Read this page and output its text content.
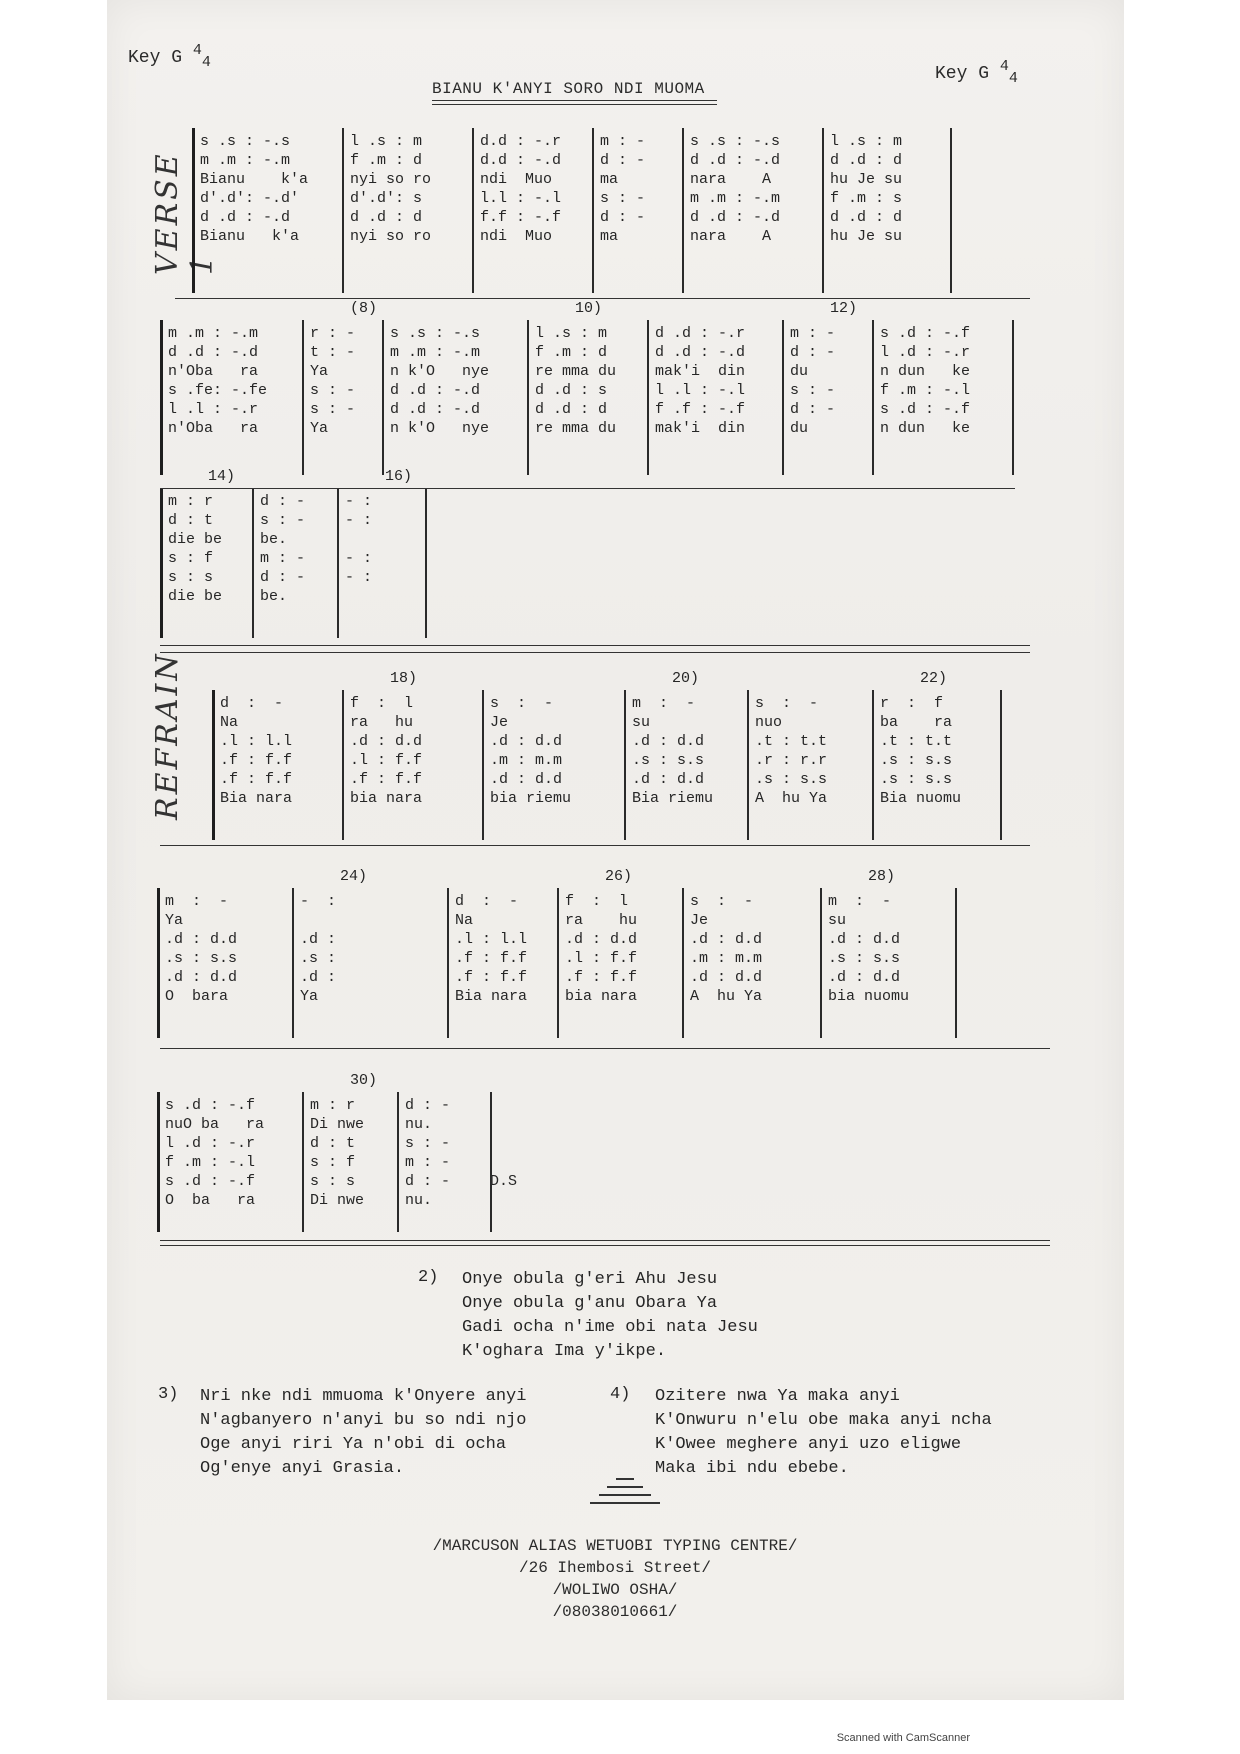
Key G $^4_4$
Key G $^4_4$
BIANU K'ANYI SORO NDI MUOMA
VERSE 1
REFRAIN
s .s : -.s
m .m : -.m
Bianu    k'a
d'.d': -.d'
d .d : -.d
Bianu   k'a
l .s : m
f .m : d
nyi so ro
d'.d': s
d .d : d
nyi so ro
d.d : -.r
d.d : -.d
ndi  Muo
l.l : -.l
f.f : -.f
ndi  Muo
m : -
d : -
ma
s : -
d : -
ma
s .s : -.s
d .d : -.d
nara    A
m .m : -.m
d .d : -.d
nara    A
l .s : m
d .d : d
hu Je su
f .m : s
d .d : d
hu Je su
m .m : -.m
d .d : -.d
n'Oba   ra
s .fe: -.fe
l .l : -.r
n'Oba   ra
(8)
r : -
t : -
Ya
s : -
s : -
Ya
s .s : -.s
m .m : -.m
n k'O   nye
d .d : -.d
d .d : -.d
n k'O   nye
10)
l .s : m
f .m : d
re mma du
d .d : s
d .d : d
re mma du
d .d : -.r
d .d : -.d
mak'i  din
l .l : -.l
f .f : -.f
mak'i  din
12)
m : -
d : -
du
s : -
d : -
du
s .d : -.f
l .d : -.r
n dun   ke
f .m : -.l
s .d : -.f
n dun   ke
14)
m : r
d : t
die be
s : f
s : s
die be
d : -
s : -
be.
m : -
d : -
be.
16)
- :
- :

- :
- :

d  :  -
Na
.l : l.l
.f : f.f
.f : f.f
Bia nara
18)
f  :  l
ra   hu
.d : d.d
.l : f.f
.f : f.f
bia nara
s  :  -
Je
.d : d.d
.m : m.m
.d : d.d
bia riemu
20)
m  :  -
su
.d : d.d
.s : s.s
.d : d.d
Bia riemu
s  :  -
nuo
.t : t.t
.r : r.r
.s : s.s
A  hu Ya
22)
r  :  f
ba    ra
.t : t.t
.s : s.s
.s : s.s
Bia nuomu
m  :  -
Ya
.d : d.d
.s : s.s
.d : d.d
O  bara
24)
-  :

.d :
.s :
.d :
Ya
d  :  -
Na
.l : l.l
.f : f.f
.f : f.f
Bia nara
26)
f  :  l
ra    hu
.d : d.d
.l : f.f
.f : f.f
bia nara
s  :  -
Je
.d : d.d
.m : m.m
.d : d.d
A  hu Ya
28)
m  :  -
su
.d : d.d
.s : s.s
.d : d.d
bia nuomu
s .d : -.f
nuO ba   ra
l .d : -.r
f .m : -.l
s .d : -.f
O  ba   ra
30)
m : r
Di nwe
d : t
s : f
s : s
Di nwe
d : -
nu.
s : -
m : -
d : -
nu.

D.S

2) Onye obula g'eri Ahu Jesu
Onye obula g'anu Obara Ya
Gadi ocha n'ime obi nata Jesu
K'oghara Ima y'ikpe.
3) Nri nke ndi mmuoma k'Onyere anyi
N'agbanyero n'anyi bu so ndi njo
Oge anyi riri Ya n'obi di ocha
Og'enye anyi Grasia.
4) Ozitere nwa Ya maka anyi
K'Onwuru n'elu obe maka anyi ncha
K'Owee meghere anyi uzo eligwe
Maka ibi ndu ebebe.
/MARCUSON ALIAS WETUOBI TYPING CENTRE/
/26 Ihembosi Street/
/WOLIWO OSHA/
/08038010661/
Scanned with CamScanner
